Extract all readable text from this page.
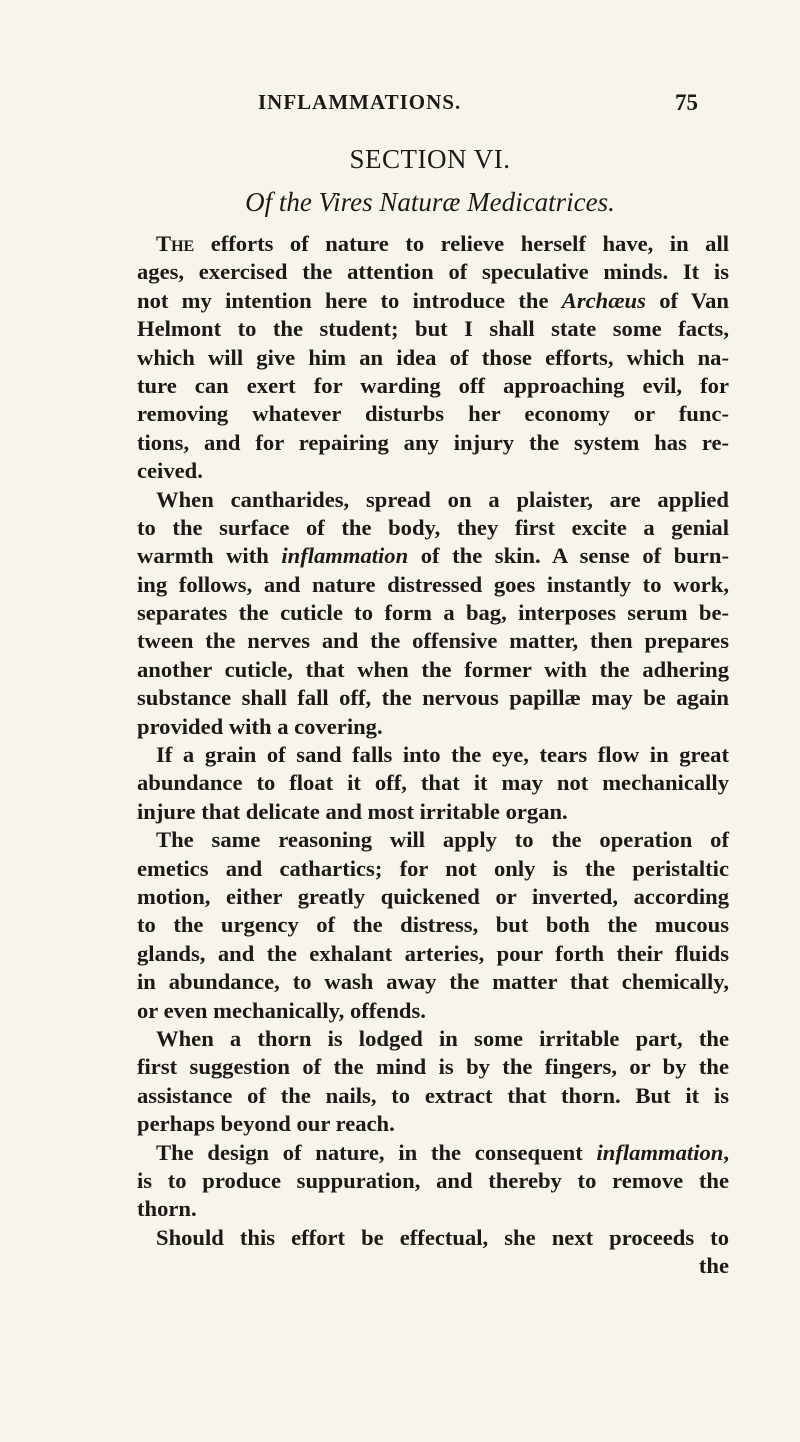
INFLAMMATIONS.	75
SECTION VI.
Of the Vires Naturæ Medicatrices.
The efforts of nature to relieve herself have, in all
ages, exercised the attention of speculative minds. It is
not my intention here to introduce the Archæus of Van
Helmont to the student; but I shall state some facts,
which will give him an idea of those efforts, which na-
ture can exert for warding off approaching evil, for
removing whatever disturbs her economy or func-
tions, and for repairing any injury the system has re-
ceived.
When cantharides, spread on a plaister, are applied
to the surface of the body, they first excite a genial
warmth with inflammation of the skin. A sense of burn-
ing follows, and nature distressed goes instantly to work,
separates the cuticle to form a bag, interposes serum be-
tween the nerves and the offensive matter, then prepares
another cuticle, that when the former with the adhering
substance shall fall off, the nervous papillæ may be again
provided with a covering.
If a grain of sand falls into the eye, tears flow in great
abundance to float it off, that it may not mechanically
injure that delicate and most irritable organ.
The same reasoning will apply to the operation of
emetics and cathartics; for not only is the peristaltic
motion, either greatly quickened or inverted, according
to the urgency of the distress, but both the mucous
glands, and the exhalant arteries, pour forth their fluids
in abundance, to wash away the matter that chemically,
or even mechanically, offends.
When a thorn is lodged in some irritable part, the
first suggestion of the mind is by the fingers, or by the
assistance of the nails, to extract that thorn. But it is
perhaps beyond our reach.
The design of nature, in the consequent inflammation,
is to produce suppuration, and thereby to remove the
thorn.
Should this effort be effectual, she next proceeds to
the
